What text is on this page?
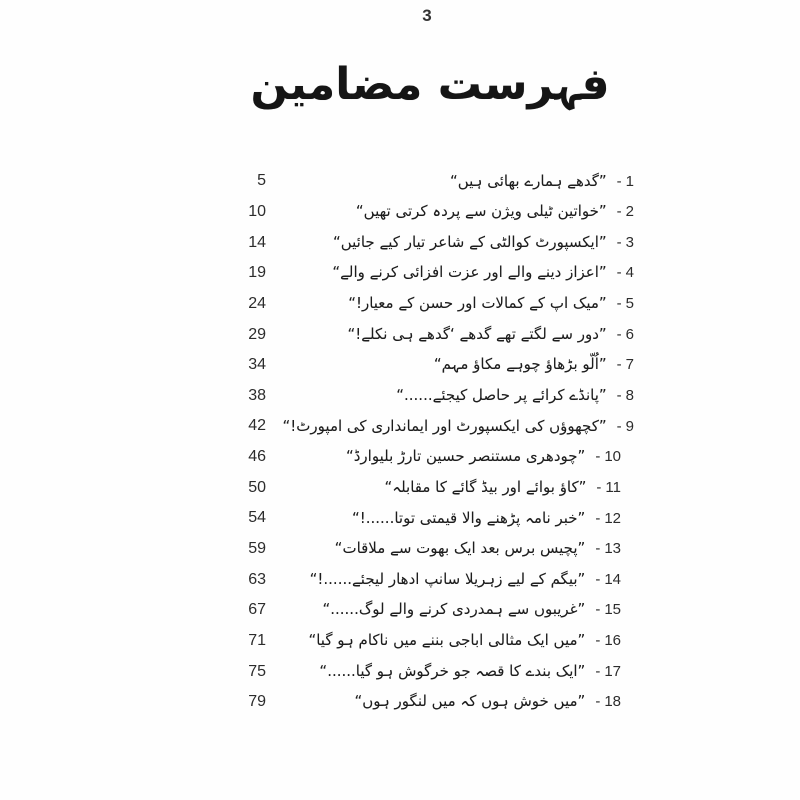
3
فہرست مضامین
5	1-”گدھے ہمارے بھائی ہیں“
10	2-”خواتین ٹیلی ویژن سے پردہ کرتی تھیں“
14	3-”ایکسپورٹ کوالٹی کے شاعر تیار کیے جائیں“
19	4-”اعزاز دینے والے اور عزت افزائی کرنے والے“
24	5-”میک اپ کے کمالات اور حسن کے معیار!“
29	6-”دور سے لگتے تھے گدھے ‘گدھے ہی نکلے!“
34	7-”اُلّو بڑھاؤ چوہے مکاؤ مہم“
38	8-”پانڈے کرائے پر حاصل کیجئے......“
42	9-”کچھوؤں کی ایکسپورٹ اور ایمانداری کی امپورٹ!“
46	10-”چودھری مستنصر حسین تارڑ بلیوارڈ“
50	11-”کاؤ بوائے اور بیڈ گائے کا مقابلہ“
54	12-”خبر نامہ پڑھنے والا قیمتی توتا......!“
59	13-”پچیس برس بعد ایک بھوت سے ملاقات“
63	14-”بیگم کے لیے زہریلا سانپ ادھار لیجئے......!“
67	15-”غریبوں سے ہمدردی کرنے والے لوگ......“
71	16-”میں ایک مثالی اباجی بننے میں ناکام ہو گیا“
75	17-”ایک بندے کا قصہ جو خرگوش ہو گیا......“
79	18-”میں خوش ہوں کہ میں لنگور ہوں“
